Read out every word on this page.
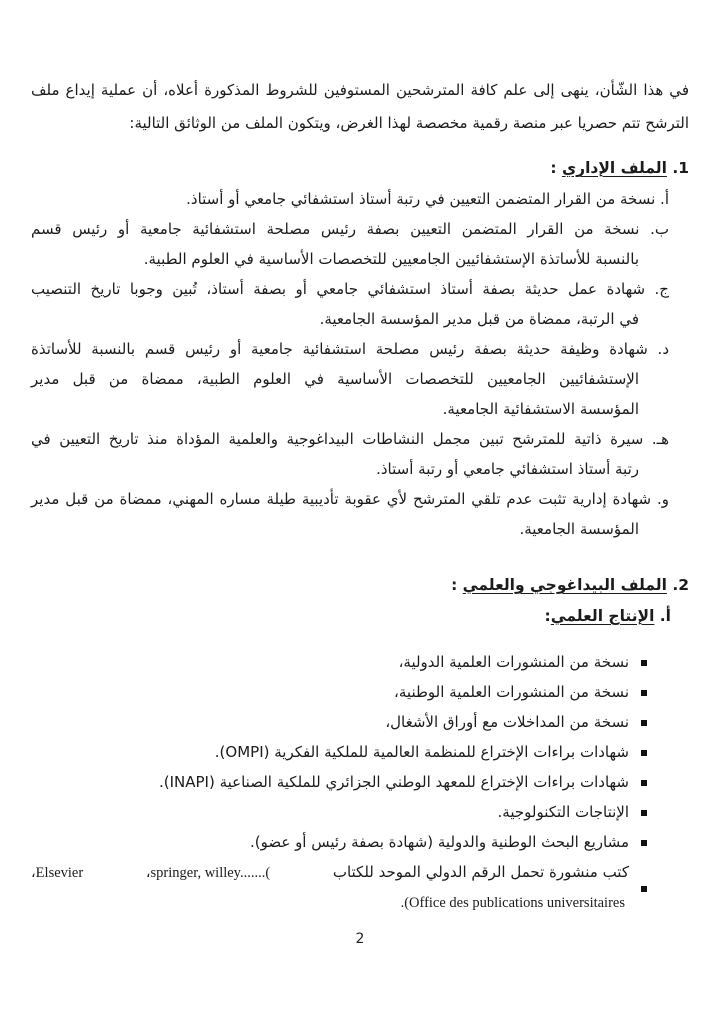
في هذا الشّأن، ينهى إلى علم كافة المترشحين المستوفين للشروط المذكورة أعلاه، أن عملية إيداع ملف
الترشح تتم حصريا عبر منصة رقمية مخصصة لهذا الغرض، ويتكون الملف من الوثائق التالية:
1. الملف الإداري :
أ. نسخة من القرار المتضمن التعيين في رتبة أستاذ استشفائي جامعي أو أستاذ.
ب. نسخة من القرار المتضمن التعيين بصفة رئيس مصلحة استشفائية جامعية أو رئيس قسم
بالنسبة للأساتذة الإستشفائيين الجامعيين للتخصصات الأساسية في العلوم الطبية.
ج. شهادة عمل حديثة بصفة أستاذ استشفائي جامعي أو بصفة أستاذ، تُبين وجوبا تاريخ التنصيب
في الرتبة، ممضاة من قبل مدير المؤسسة الجامعية.
د. شهادة وظيفة حديثة بصفة رئيس مصلحة استشفائية جامعية أو رئيس قسم بالنسبة للأساتذة
الإستشفائيين الجامعيين للتخصصات الأساسية في العلوم الطبية، ممضاة من قبل مدير
المؤسسة الاستشفائية الجامعية.
هـ. سيرة ذاتية للمترشح تبين مجمل النشاطات البيداغوجية والعلمية المؤداة منذ تاريخ التعيين في
رتبة أستاذ استشفائي جامعي أو رتبة أستاذ.
و. شهادة إدارية تثبت عدم تلقي المترشح لأي عقوبة تأديبية طيلة مساره المهني، ممضاة من قبل مدير
المؤسسة الجامعية.
2. الملف البيداغوجي والعلمي :
أ. الإنتاج العلمي:
نسخة من المنشورات العلمية الدولية،
نسخة من المنشورات العلمية الوطنية،
نسخة من المداخلات مع أوراق الأشغال،
شهادات براءات الإختراع للمنظمة العالمية للملكية الفكرية (OMPI).
شهادات براءات الإختراع للمعهد الوطني الجزائري للملكية الصناعية (INAPI).
الإنتاجات التكنولوجية.
مشاريع البحث الوطنية والدولية (شهادة بصفة رئيس أو عضو).
،Elsevier	،springer, willey.......(	كتب منشورة تحمل الرقم الدولي الموحد للكتاب
.(Office des publications universitaires
2
